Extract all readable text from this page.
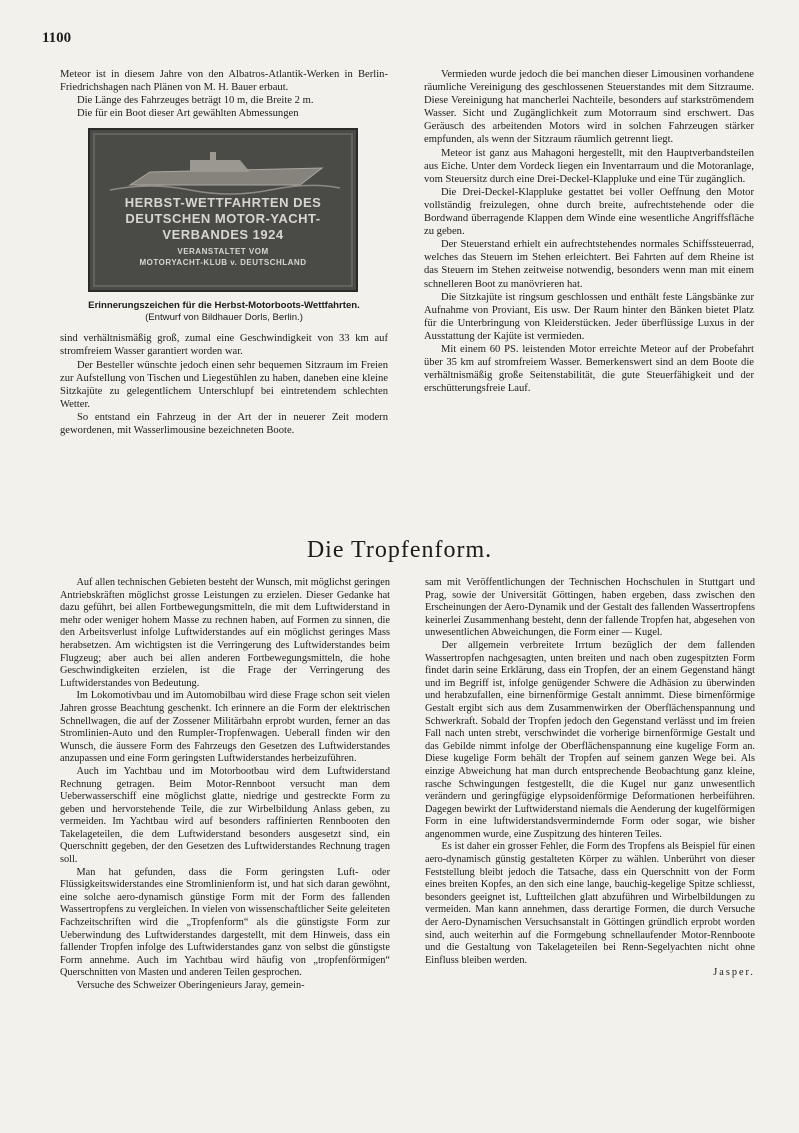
1100

Meteor ist in diesem Jahre von den Albatros-Atlantik-Werken in Berlin-Friedrichshagen nach Plänen von M. H. Bauer erbaut.

Die Länge des Fahrzeuges beträgt 10 m, die Breite 2 m.

Die für ein Boot dieser Art gewählten Abmessungen

HERBST-WETTFAHRTEN DES
DEUTSCHEN MOTOR-YACHT-
VERBANDES 1924
VERANSTALTET VOM
MOTORYACHT-KLUB v. DEUTSCHLAND
Erinnerungszeichen für die Herbst-Motorboots-Wettfahrten.
(Entwurf von Bildhauer Dorls, Berlin.)

sind verhältnismäßig groß, zumal eine Geschwindigkeit von 33 km auf stromfreiem Wasser garantiert worden war.

Der Besteller wünschte jedoch einen sehr bequemen Sitzraum im Freien zur Aufstellung von Tischen und Liegestühlen zu haben, daneben eine kleine Sitzkajüte zu gelegentlichem Unterschlupf bei eintretendem schlechten Wetter.

So entstand ein Fahrzeug in der Art der in neuerer Zeit modern gewordenen, mit Wasserlimousine bezeichneten Boote.

Vermieden wurde jedoch die bei manchen dieser Limousinen vorhandene räumliche Vereinigung des geschlossenen Steuerstandes mit dem Sitzraume. Diese Vereinigung hat mancherlei Nachteile, besonders auf starkströmendem Wasser. Sicht und Zugänglichkeit zum Motorraum sind erschwert. Das Geräusch des arbeitenden Motors wird in solchen Fahrzeugen stärker empfunden, als wenn der Sitzraum räumlich getrennt liegt.

Meteor ist ganz aus Mahagoni hergestellt, mit den Hauptverbandsteilen aus Eiche. Unter dem Vordeck liegen ein Inventarraum und die Motoranlage, vom Steuersitz durch eine Drei-Deckel-Klappluke und eine Tür zugänglich.

Die Drei-Deckel-Klappluke gestattet bei voller Oeffnung den Motor vollständig freizulegen, ohne durch breite, aufrechtstehende oder die Bordwand überragende Klappen dem Winde eine wesentliche Angriffsfläche zu geben.

Der Steuerstand erhielt ein aufrechtstehendes normales Schiffssteuerrad, welches das Steuern im Stehen erleichtert. Bei Fahrten auf dem Rheine ist das Steuern im Stehen zeitweise notwendig, besonders wenn man mit einem schnelleren Boot zu manövrieren hat.

Die Sitzkajüte ist ringsum geschlossen und enthält feste Längsbänke zur Aufnahme von Proviant, Eis usw. Der Raum hinter den Bänken bietet Platz für die Unterbringung von Kleiderstücken. Jeder überflüssige Luxus in der Ausstattung der Kajüte ist vermieden.

Mit einem 60 PS. leistenden Motor erreichte Meteor auf der Probefahrt über 35 km auf stromfreiem Wasser. Bemerkenswert sind an dem Boote die verhältnismäßig große Seitenstabilität, die gute Steuerfähigkeit und der erschütterungsfreie Lauf.

Die Tropfenform.

Auf allen technischen Gebieten besteht der Wunsch, mit möglichst geringen Antriebskräften möglichst grosse Leistungen zu erzielen. Dieser Gedanke hat dazu geführt, bei allen Fortbewegungsmitteln, die mit dem Luftwiderstand in mehr oder weniger hohem Masse zu rechnen haben, auf Formen zu sinnen, die den Arbeitsverlust infolge Luftwiderstandes auf ein möglichst geringes Mass herabsetzen. Am wichtigsten ist die Verringerung des Luftwiderstandes beim Flugzeug; aber auch bei allen anderen Fortbewegungsmitteln, die hohe Geschwindigkeiten erzielen, ist die Frage der Verringerung des Luftwiderstandes von Bedeutung.

Im Lokomotivbau und im Automobilbau wird diese Frage schon seit vielen Jahren grosse Beachtung geschenkt. Ich erinnere an die Form der elektrischen Schnellwagen, die auf der Zossener Militärbahn erprobt wurden, ferner an das Stromlinien-Auto und den Rumpler-Tropfenwagen. Ueberall finden wir den Wunsch, die äussere Form des Fahrzeugs den Gesetzen des Luftwiderstandes anzupassen und eine Form geringsten Luftwiderstandes herbeizuführen.

Auch im Yachtbau und im Motorbootbau wird dem Luftwiderstand Rechnung getragen. Beim Motor-Rennboot versucht man dem Ueberwasserschiff eine möglichst glatte, niedrige und gestreckte Form zu geben und hervorstehende Teile, die zur Wirbelbildung Anlass geben, zu vermeiden. Im Yachtbau wird auf besonders raffinierten Rennbooten den Takelageteilen, die dem Luftwiderstand besonders ausgesetzt sind, ein Querschnitt gegeben, der den Gesetzen des Luftwiderstandes Rechnung tragen soll.

Man hat gefunden, dass die Form geringsten Luft- oder Flüssigkeitswiderstandes eine Stromlinienform ist, und hat sich daran gewöhnt, eine solche aero-dynamisch günstige Form mit der Form des fallenden Wassertropfens zu vergleichen. In vielen von wissenschaftlicher Seite geleiteten Fachzeitschriften wird die „Tropfenform“ als die günstigste Form zur Ueberwindung des Luftwiderstandes dargestellt, mit dem Hinweis, dass ein fallender Tropfen infolge des Luftwiderstandes ganz von selbst die günstigste Form annehme. Auch im Yachtbau wird häufig von „tropfenförmigen“ Querschnitten von Masten und anderen Teilen gesprochen.

Versuche des Schweizer Oberingenieurs Jaray, gemein-

sam mit Veröffentlichungen der Technischen Hochschulen in Stuttgart und Prag, sowie der Universität Göttingen, haben ergeben, dass zwischen den Erscheinungen der Aero-Dynamik und der Gestalt des fallenden Wassertropfens keinerlei Zusammenhang besteht, denn der fallende Tropfen hat, abgesehen von unwesentlichen Abweichungen, die Form einer — Kugel.

Der allgemein verbreitete Irrtum bezüglich der dem fallenden Wassertropfen nachgesagten, unten breiten und nach oben zugespitzten Form findet darin seine Erklärung, dass ein Tropfen, der an einem Gegenstand hängt und im Begriff ist, infolge genügender Schwere die Adhäsion zu überwinden und herabzufallen, eine birnenförmige Gestalt annimmt. Diese birnenförmige Gestalt ergibt sich aus dem Zusammenwirken der Oberflächenspannung und Schwerkraft. Sobald der Tropfen jedoch den Gegenstand verlässt und im freien Fall nach unten strebt, verschwindet die vorherige birnenförmige Gestalt und das Gebilde nimmt infolge der Oberflächenspannung eine kugelige Form an. Diese kugelige Form behält der Tropfen auf seinem ganzen Wege bei. Als einzige Abweichung hat man durch entsprechende Beobachtung ganz kleine, rasche Schwingungen festgestellt, die die Kugel nur ganz unwesentlich verändern und geringfügige elypsoidenförmige Deformationen herbeiführen. Dagegen bewirkt der Luftwiderstand niemals die Aenderung der kugelförmigen Form in eine luftwiderstandsvermindernde Form oder sogar, wie bisher angenommen wurde, eine Zuspitzung des hinteren Teiles.

Es ist daher ein grosser Fehler, die Form des Tropfens als Beispiel für einen aero-dynamisch günstig gestalteten Körper zu wählen. Unberührt von dieser Feststellung bleibt jedoch die Tatsache, dass ein Querschnitt von der Form eines breiten Kopfes, an den sich eine lange, bauchig-kegelige Spitze schliesst, besonders geeignet ist, Luftteilchen glatt abzuführen und Wirbelbildungen zu vermeiden. Man kann annehmen, dass derartige Formen, die durch Versuche der Aero-Dynamischen Versuchsanstalt in Göttingen gründlich erprobt worden sind, auch weiterhin auf die Formgebung schnellaufender Motor-Rennboote und die Gestaltung von Takelageteilen bei Renn-Segelyachten nicht ohne Einfluss bleiben werden.

Jasper.
